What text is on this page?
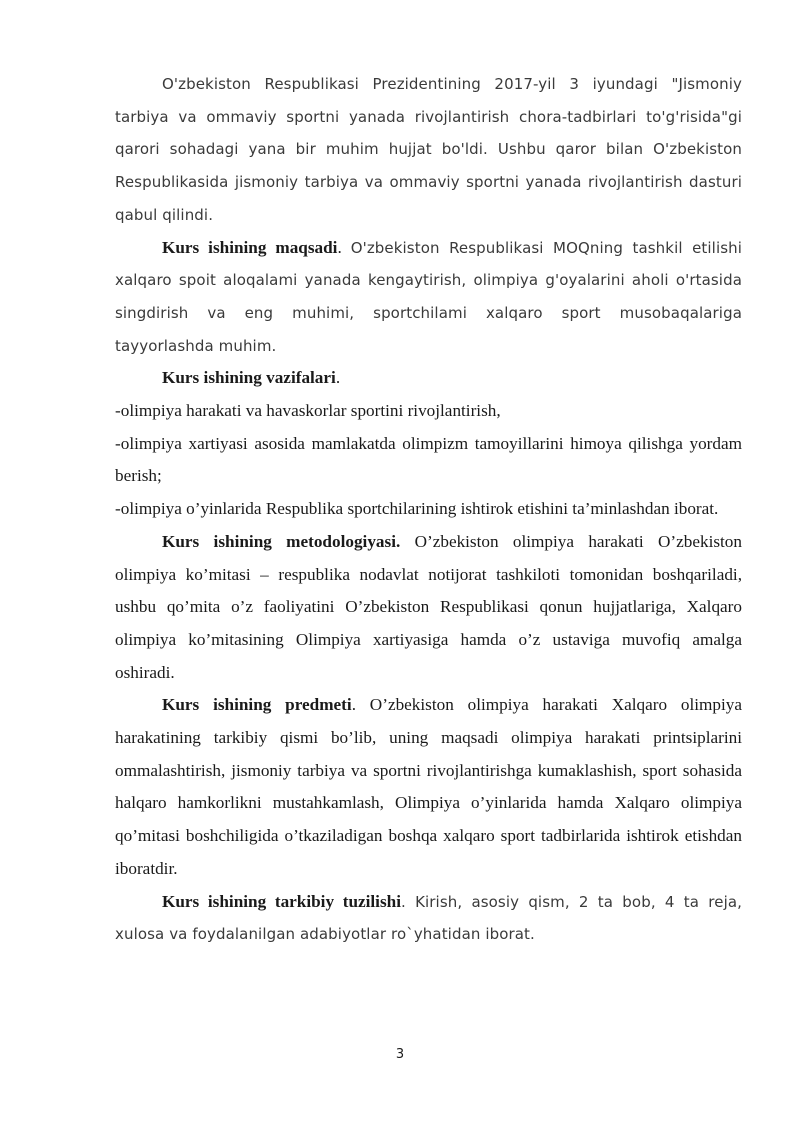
O'zbekiston Respublikasi Prezidentining 2017-yil 3 iyundagi "Jismoniy tarbiya va ommaviy sportni yanada rivojlantirish chora-tadbirlari to'g'risida"gi qarori sohadagi yana bir muhim hujjat bo'ldi. Ushbu qaror bilan O'zbekiston Respublikasida jismoniy tarbiya va ommaviy sportni yanada rivojlantirish dasturi qabul qilindi.

Kurs ishining maqsadi. O'zbekiston Respublikasi MOQning tashkil etilishi xalqaro spoit aloqalami yanada kengaytirish, olimpiya g'oyalarini aholi o'rtasida singdirish va eng muhimi, sportchilami xalqaro sport musobaqalariga tayyorlashda muhim.

Kurs ishining vazifalari.

-olimpiya harakati va havaskorlar sportini rivojlantirish,

-olimpiya xartiyasi asosida mamlakatda olimpizm tamoyillarini himoya qilishga yordam berish;

-olimpiya o’yinlarida Respublika sportchilarining ishtirok etishini ta’minlashdan iborat.

Kurs ishining metodologiyasi. O’zbekiston olimpiya harakati O’zbekiston olimpiya ko’mitasi – respublika nodavlat notijorat tashkiloti tomonidan boshqariladi, ushbu qo’mita o’z faoliyatini O’zbekiston Respublikasi qonun hujjatlariga, Xalqaro olimpiya ko’mitasining Olimpiya xartiyasiga hamda o’z ustaviga muvofiq amalga oshiradi.

Kurs ishining predmeti. O’zbekiston olimpiya harakati Xalqaro olimpiya harakatining tarkibiy qismi bo’lib, uning maqsadi olimpiya harakati printsiplarini ommalashtirish, jismoniy tarbiya va sportni rivojlantirishga kumaklashish, sport sohasida halqaro hamkorlikni mustahkamlash, Olimpiya o’yinlarida hamda Xalqaro olimpiya qo’mitasi boshchiligida o’tkaziladigan boshqa xalqaro sport tadbirlarida ishtirok etishdan iboratdir.

Kurs ishining tarkibiy tuzilishi. Kirish, asosiy qism, 2 ta bob, 4 ta reja, xulosa va foydalanilgan adabiyotlar ro`yhatidan iborat.

3
